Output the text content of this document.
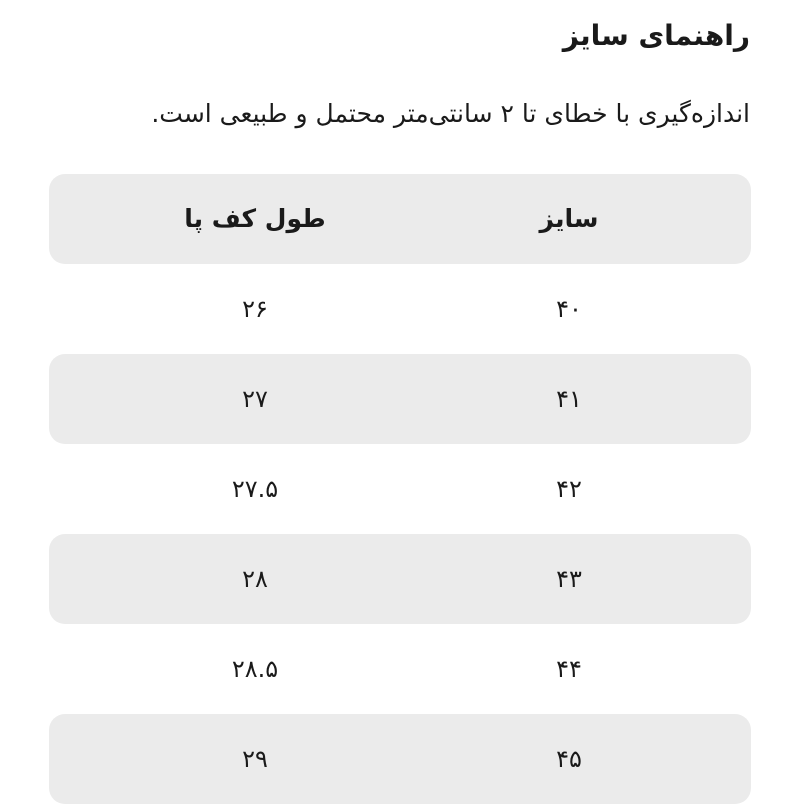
راهنمای سایز
اندازه‌گیری با خطای تا ۲ سانتی‌متر محتمل و طبیعی است.
سایز
طول کف پا
۴۰
۲۶
۴۱
۲۷
۴۲
۲۷.۵
۴۳
۲۸
۴۴
۲۸.۵
۴۵
۲۹
